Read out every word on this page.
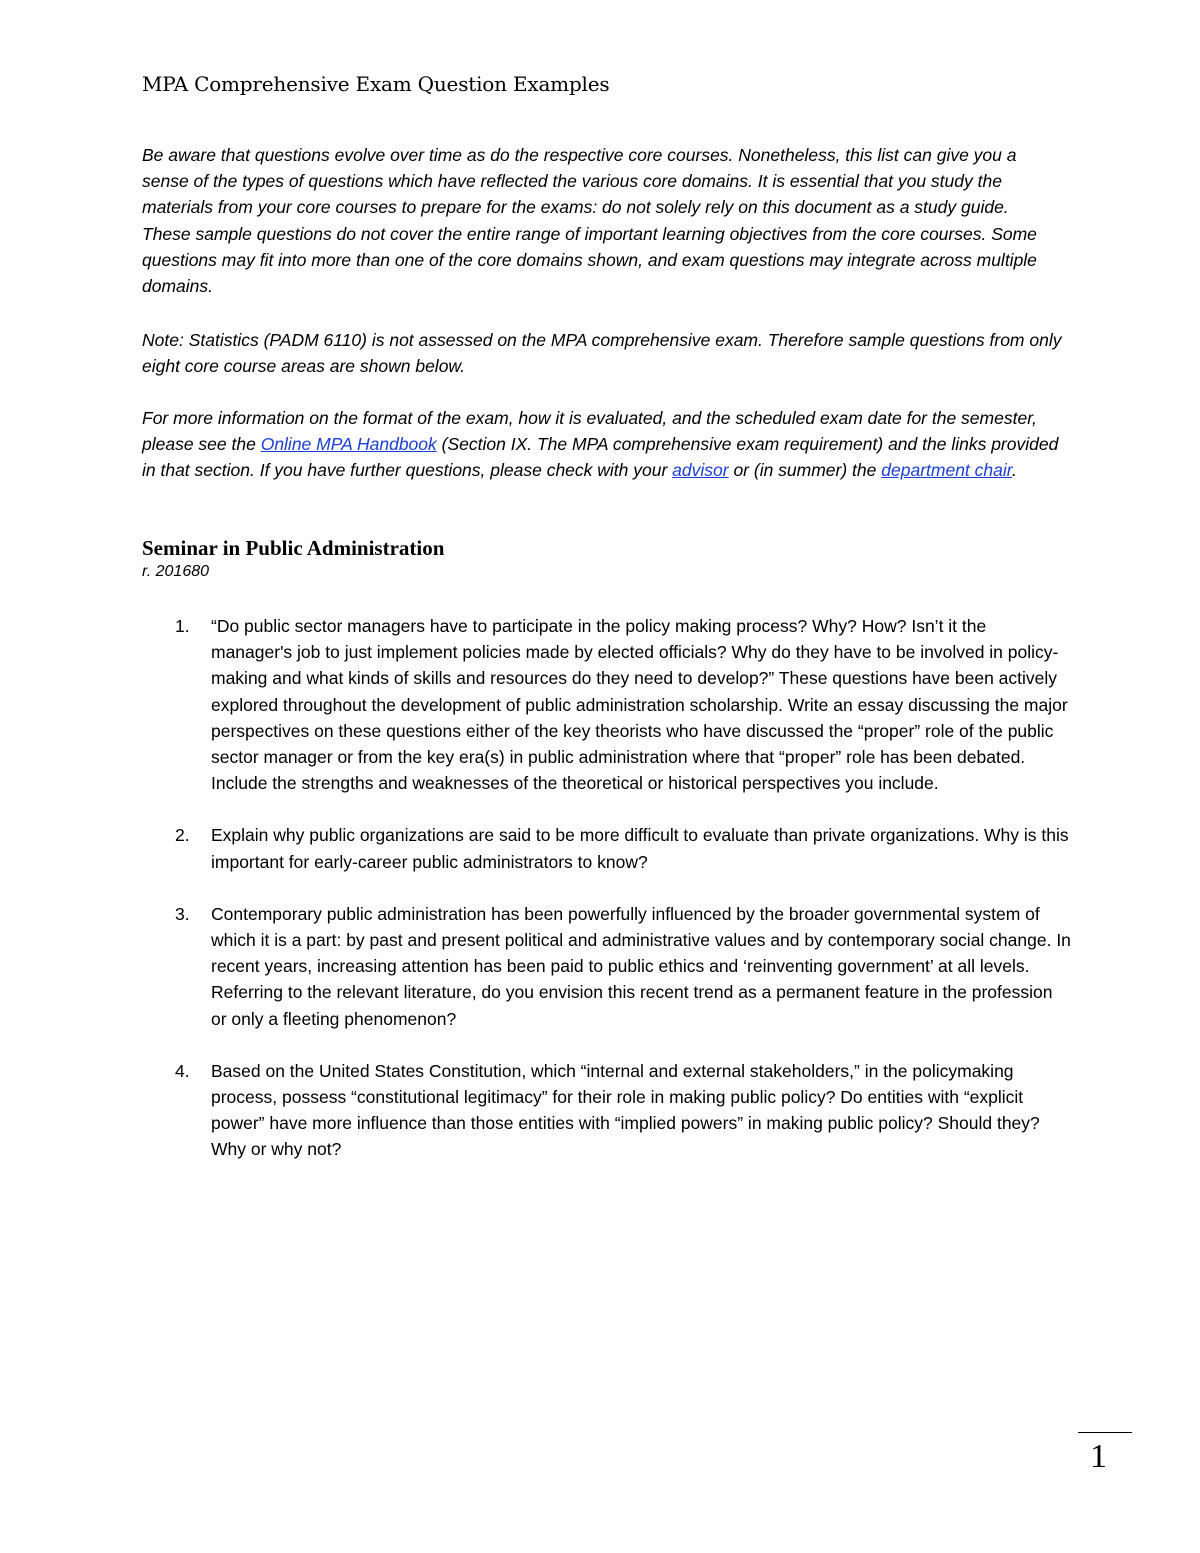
MPA Comprehensive Exam Question Examples

Be aware that questions evolve over time as do the respective core courses. Nonetheless, this list can give you a sense of the types of questions which have reflected the various core domains. It is essential that you study the materials from your core courses to prepare for the exams: do not solely rely on this document as a study guide. These sample questions do not cover the entire range of important learning objectives from the core courses. Some questions may fit into more than one of the core domains shown, and exam questions may integrate across multiple domains.

Note: Statistics (PADM 6110) is not assessed on the MPA comprehensive exam. Therefore sample questions from only eight core course areas are shown below.

For more information on the format of the exam, how it is evaluated, and the scheduled exam date for the semester, please see the Online MPA Handbook (Section IX. The MPA comprehensive exam requirement) and the links provided in that section. If you have further questions, please check with your advisor or (in summer) the department chair.

Seminar in Public Administration
r. 201680
1. “Do public sector managers have to participate in the policy making process? Why? How? Isn’t it the manager's job to just implement policies made by elected officials? Why do they have to be involved in policy-making and what kinds of skills and resources do they need to develop?” These questions have been actively explored throughout the development of public administration scholarship. Write an essay discussing the major perspectives on these questions either of the key theorists who have discussed the “proper” role of the public sector manager or from the key era(s) in public administration where that “proper” role has been debated. Include the strengths and weaknesses of the theoretical or historical perspectives you include.
2. Explain why public organizations are said to be more difficult to evaluate than private organizations. Why is this important for early-career public administrators to know?
3. Contemporary public administration has been powerfully influenced by the broader governmental system of which it is a part: by past and present political and administrative values and by contemporary social change. In recent years, increasing attention has been paid to public ethics and ‘reinventing government’ at all levels. Referring to the relevant literature, do you envision this recent trend as a permanent feature in the profession or only a fleeting phenomenon?
4. Based on the United States Constitution, which “internal and external stakeholders,” in the policymaking process, possess “constitutional legitimacy” for their role in making public policy? Do entities with “explicit power” have more influence than those entities with “implied powers” in making public policy? Should they? Why or why not?
1
